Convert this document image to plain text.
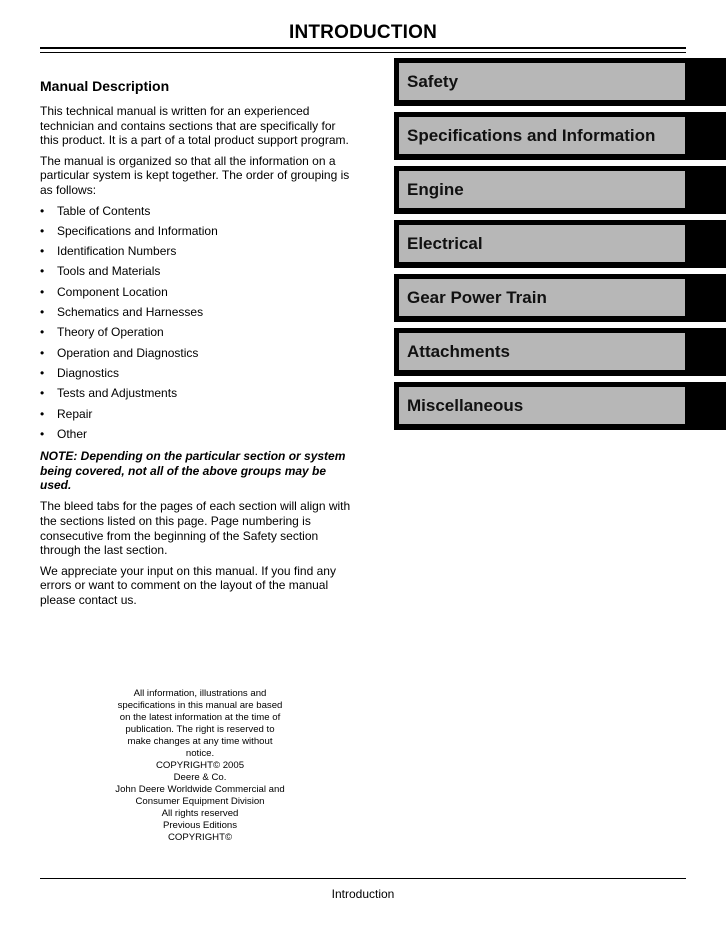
INTRODUCTION
Manual Description

This technical manual is written for an experienced technician and contains sections that are specifically for this product. It is a part of a total product support program.

The manual is organized so that all the information on a particular system is kept together. The order of grouping is as follows:

• Table of Contents
• Specifications and Information
• Identification Numbers
• Tools and Materials
• Component Location
• Schematics and Harnesses
• Theory of Operation
• Operation and Diagnostics
• Diagnostics
• Tests and Adjustments
• Repair
• Other

NOTE: Depending on the particular section or system being covered, not all of the above groups may be used.

The bleed tabs for the pages of each section will align with the sections listed on this page. Page numbering is consecutive from the beginning of the Safety section through the last section.

We appreciate your input on this manual. If you find any errors or want to comment on the layout of the manual please contact us.

All information, illustrations and
specifications in this manual are based
on the latest information at the time of
publication. The right is reserved to
make changes at any time without
notice.
COPYRIGHT© 2005
Deere & Co.
John Deere Worldwide Commercial and
Consumer Equipment Division
All rights reserved
Previous Editions
COPYRIGHT©
Safety
Specifications and Information
Engine
Electrical
Gear Power Train
Attachments
Miscellaneous
Introduction
